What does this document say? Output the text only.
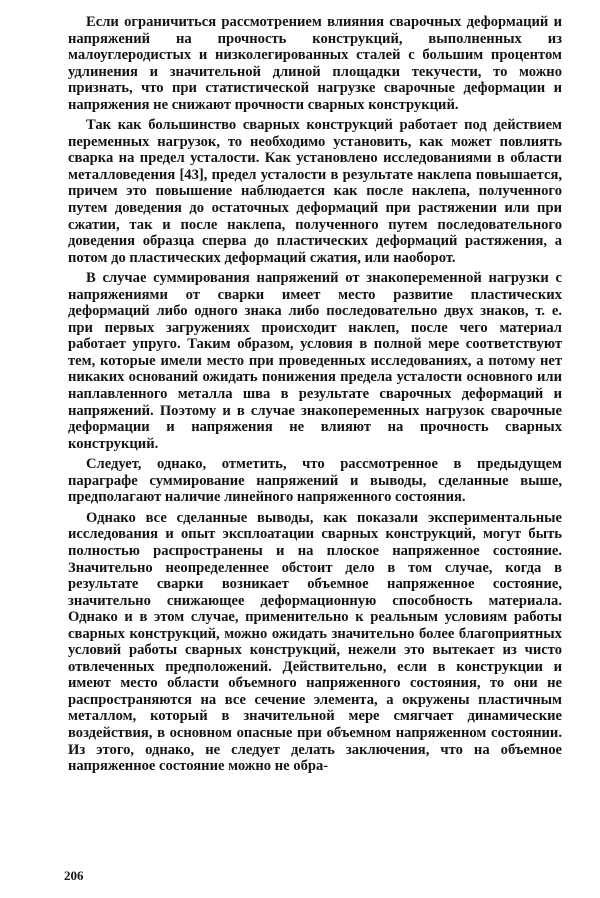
Если ограничиться рассмотрением влияния сварочных деформаций и напряжений на прочность конструкций, выполненных из малоуглеродистых и низколегированных сталей с большим процентом удлинения и значительной длиной площадки текучести, то можно признать, что при статистической нагрузке сварочные деформации и напряжения не снижают прочности сварных конструкций.

Так как большинство сварных конструкций работает под действием переменных нагрузок, то необходимо установить, как может повлиять сварка на предел усталости. Как установлено исследованиями в области металловедения [43], предел усталости в результате наклепа повышается, причем это повышение наблюдается как после наклепа, полученного путем доведения до остаточных деформаций при растяжении или при сжатии, так и после наклепа, полученного путем последовательного доведения образца сперва до пластических деформаций растяжения, а потом до пластических деформаций сжатия, или наоборот.

В случае суммирования напряжений от знакопеременной нагрузки с напряжениями от сварки имеет место развитие пластических деформаций либо одного знака либо последовательно двух знаков, т. е. при первых загружениях происходит наклеп, после чего материал работает упруго. Таким образом, условия в полной мере соответствуют тем, которые имели место при проведенных исследованиях, а потому нет никаких оснований ожидать понижения предела усталости основного или наплавленного металла шва в результате сварочных деформаций и напряжений. Поэтому и в случае знакопеременных нагрузок сварочные деформации и напряжения не влияют на прочность сварных конструкций.

Следует, однако, отметить, что рассмотренное в предыдущем параграфе суммирование напряжений и выводы, сделанные выше, предполагают наличие линейного напряженного состояния.

Однако все сделанные выводы, как показали экспериментальные исследования и опыт эксплоатации сварных конструкций, могут быть полностью распространены и на плоское напряженное состояние. Значительно неопределеннее обстоит дело в том случае, когда в результате сварки возникает объемное напряженное состояние, значительно снижающее деформационную способность материала. Однако и в этом случае, применительно к реальным условиям работы сварных конструкций, можно ожидать значительно более благоприятных условий работы сварных конструкций, нежели это вытекает из чисто отвлеченных предположений. Действительно, если в конструкции и имеют место области объемного напряженного состояния, то они не распространяются на все сечение элемента, а окружены пластичным металлом, который в значительной мере смягчает динамические воздействия, в основном опасные при объемном напряженном состоянии. Из этого, однако, не следует делать заключения, что на объемное напряженное состояние можно не обра-

206
